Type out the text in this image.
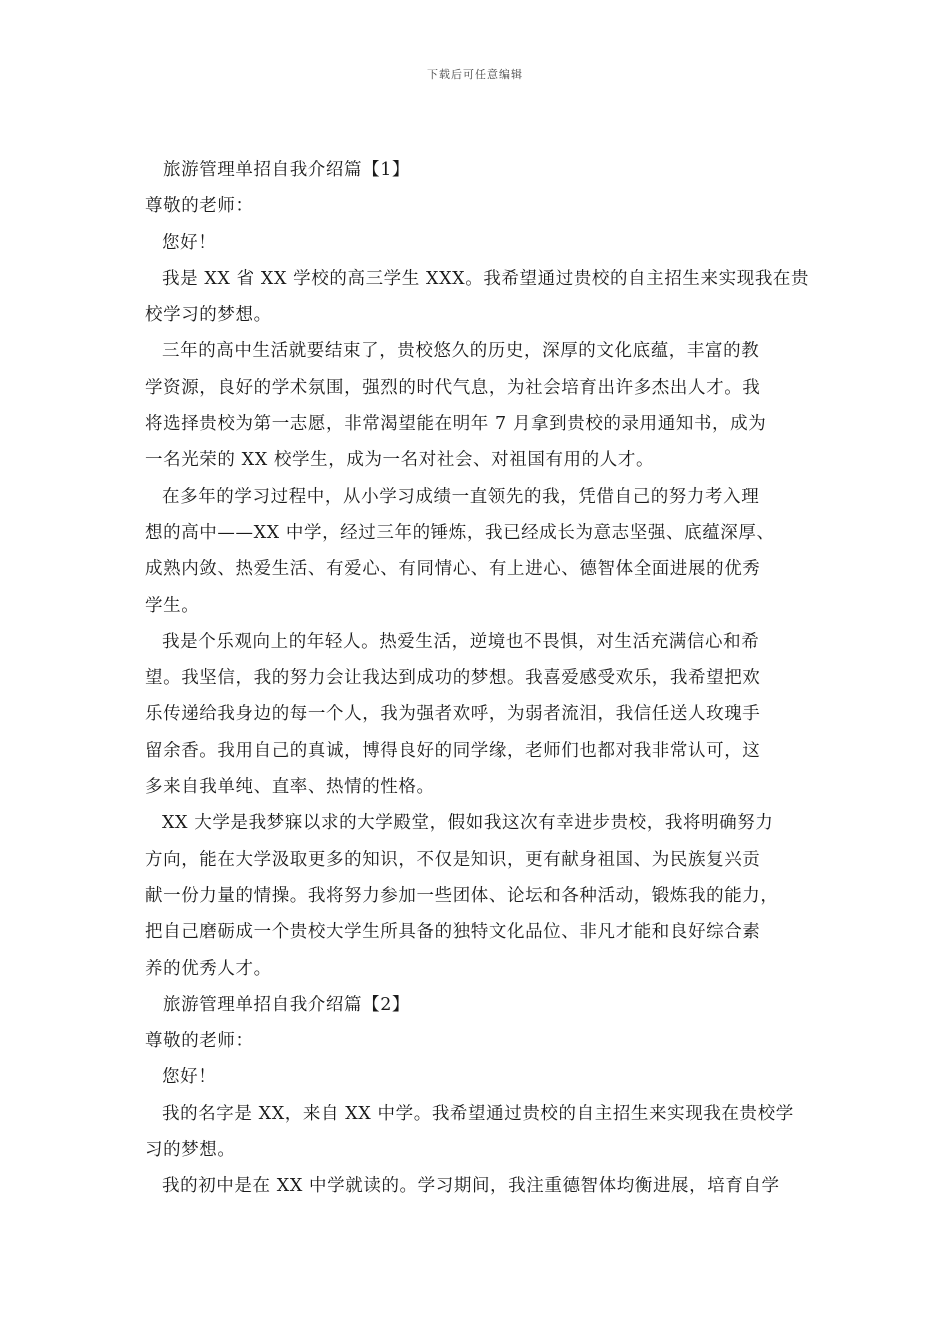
下载后可任意编辑
旅游管理单招自我介绍篇【1】
尊敬的老师：
您好！
我是 XX 省 XX 学校的高三学生 XXX。我希望通过贵校的自主招生来实现我在贵
校学习的梦想。
三年的高中生活就要结束了，贵校悠久的历史，深厚的文化底蕴，丰富的教
学资源，良好的学术氛围，强烈的时代气息，为社会培育出许多杰出人才。我
将选择贵校为第一志愿，非常渴望能在明年 7 月拿到贵校的录用通知书，成为
一名光荣的 XX 校学生，成为一名对社会、对祖国有用的人才。
在多年的学习过程中，从小学习成绩一直领先的我，凭借自己的努力考入理
想的高中——XX 中学，经过三年的锤炼，我已经成长为意志坚强、底蕴深厚、
成熟内敛、热爱生活、有爱心、有同情心、有上进心、德智体全面进展的优秀
学生。
我是个乐观向上的年轻人。热爱生活，逆境也不畏惧，对生活充满信心和希
望。我坚信，我的努力会让我达到成功的梦想。我喜爱感受欢乐，我希望把欢
乐传递给我身边的每一个人，我为强者欢呼，为弱者流泪，我信任送人玫瑰手
留余香。我用自己的真诚，博得良好的同学缘，老师们也都对我非常认可，这
多来自我单纯、直率、热情的性格。
XX 大学是我梦寐以求的大学殿堂，假如我这次有幸进步贵校，我将明确努力
方向，能在大学汲取更多的知识，不仅是知识，更有献身祖国、为民族复兴贡
献一份力量的情操。我将努力参加一些团体、论坛和各种活动，锻炼我的能力，
把自己磨砺成一个贵校大学生所具备的独特文化品位、非凡才能和良好综合素
养的优秀人才。
旅游管理单招自我介绍篇【2】
尊敬的老师：
您好！
我的名字是 XX，来自 XX 中学。我希望通过贵校的自主招生来实现我在贵校学
习的梦想。
我的初中是在 XX 中学就读的。学习期间，我注重德智体均衡进展，培育自学
